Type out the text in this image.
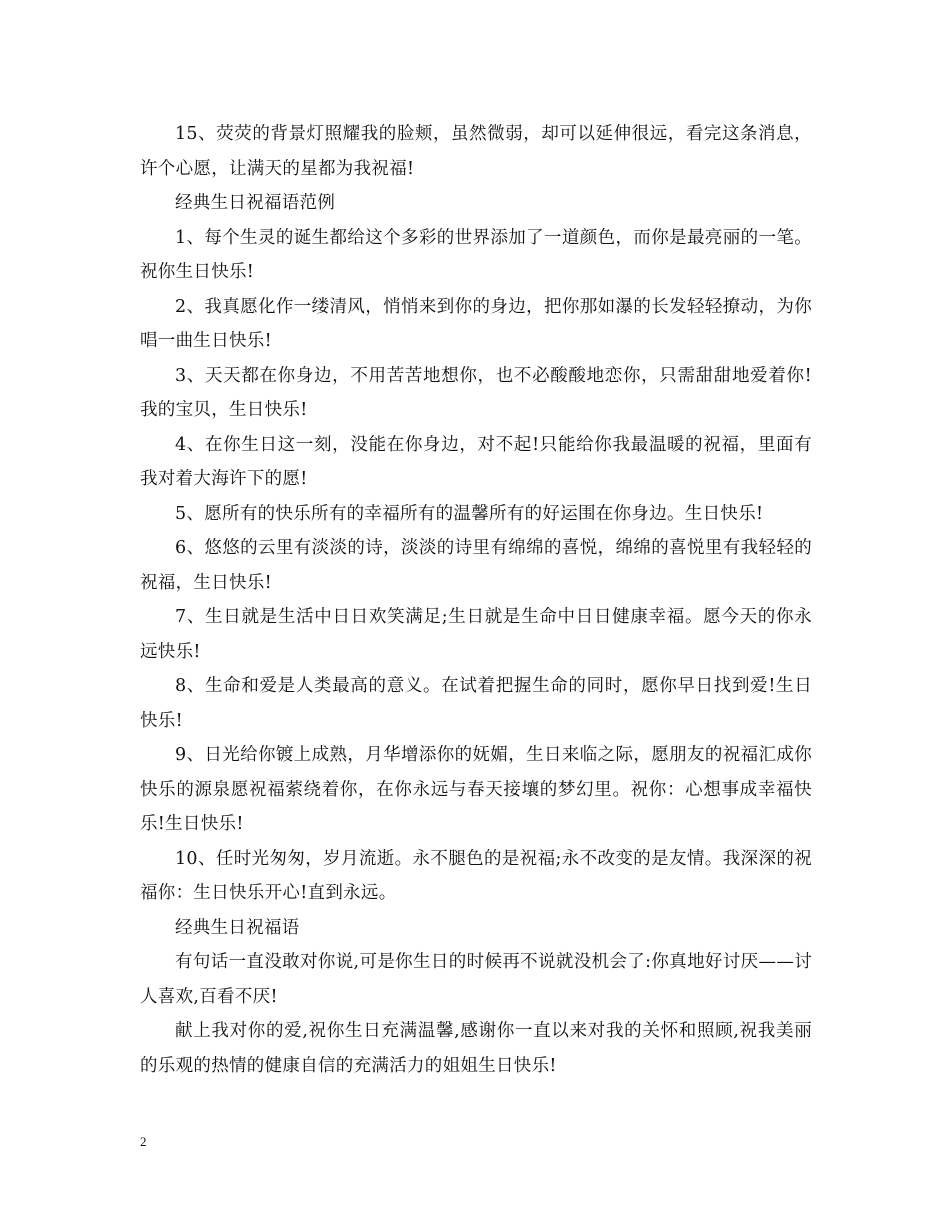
15、荧荧的背景灯照耀我的脸颊，虽然微弱，却可以延伸很远，看完这条消息，许个心愿，让满天的星都为我祝福!

经典生日祝福语范例

1、每个生灵的诞生都给这个多彩的世界添加了一道颜色，而你是最亮丽的一笔。祝你生日快乐!

2、我真愿化作一缕清风，悄悄来到你的身边，把你那如瀑的长发轻轻撩动，为你唱一曲生日快乐!

3、天天都在你身边，不用苦苦地想你，也不必酸酸地恋你，只需甜甜地爱着你!我的宝贝，生日快乐!

4、在你生日这一刻，没能在你身边，对不起!只能给你我最温暖的祝福，里面有我对着大海许下的愿!

5、愿所有的快乐所有的幸福所有的温馨所有的好运围在你身边。生日快乐!

6、悠悠的云里有淡淡的诗，淡淡的诗里有绵绵的喜悦，绵绵的喜悦里有我轻轻的祝福，生日快乐!

7、生日就是生活中日日欢笑满足;生日就是生命中日日健康幸福。愿今天的你永远快乐!

8、生命和爱是人类最高的意义。在试着把握生命的同时，愿你早日找到爱!生日快乐!

9、日光给你镀上成熟，月华增添你的妩媚，生日来临之际，愿朋友的祝福汇成你快乐的源泉愿祝福萦绕着你，在你永远与春天接壤的梦幻里。祝你：心想事成幸福快乐!生日快乐!

10、任时光匆匆，岁月流逝。永不腿色的是祝福;永不改变的是友情。我深深的祝福你：生日快乐开心!直到永远。

经典生日祝福语

有句话一直没敢对你说,可是你生日的时候再不说就没机会了:你真地好讨厌——讨人喜欢,百看不厌!

献上我对你的爱,祝你生日充满温馨,感谢你一直以来对我的关怀和照顾,祝我美丽的乐观的热情的健康自信的充满活力的姐姐生日快乐!

2
